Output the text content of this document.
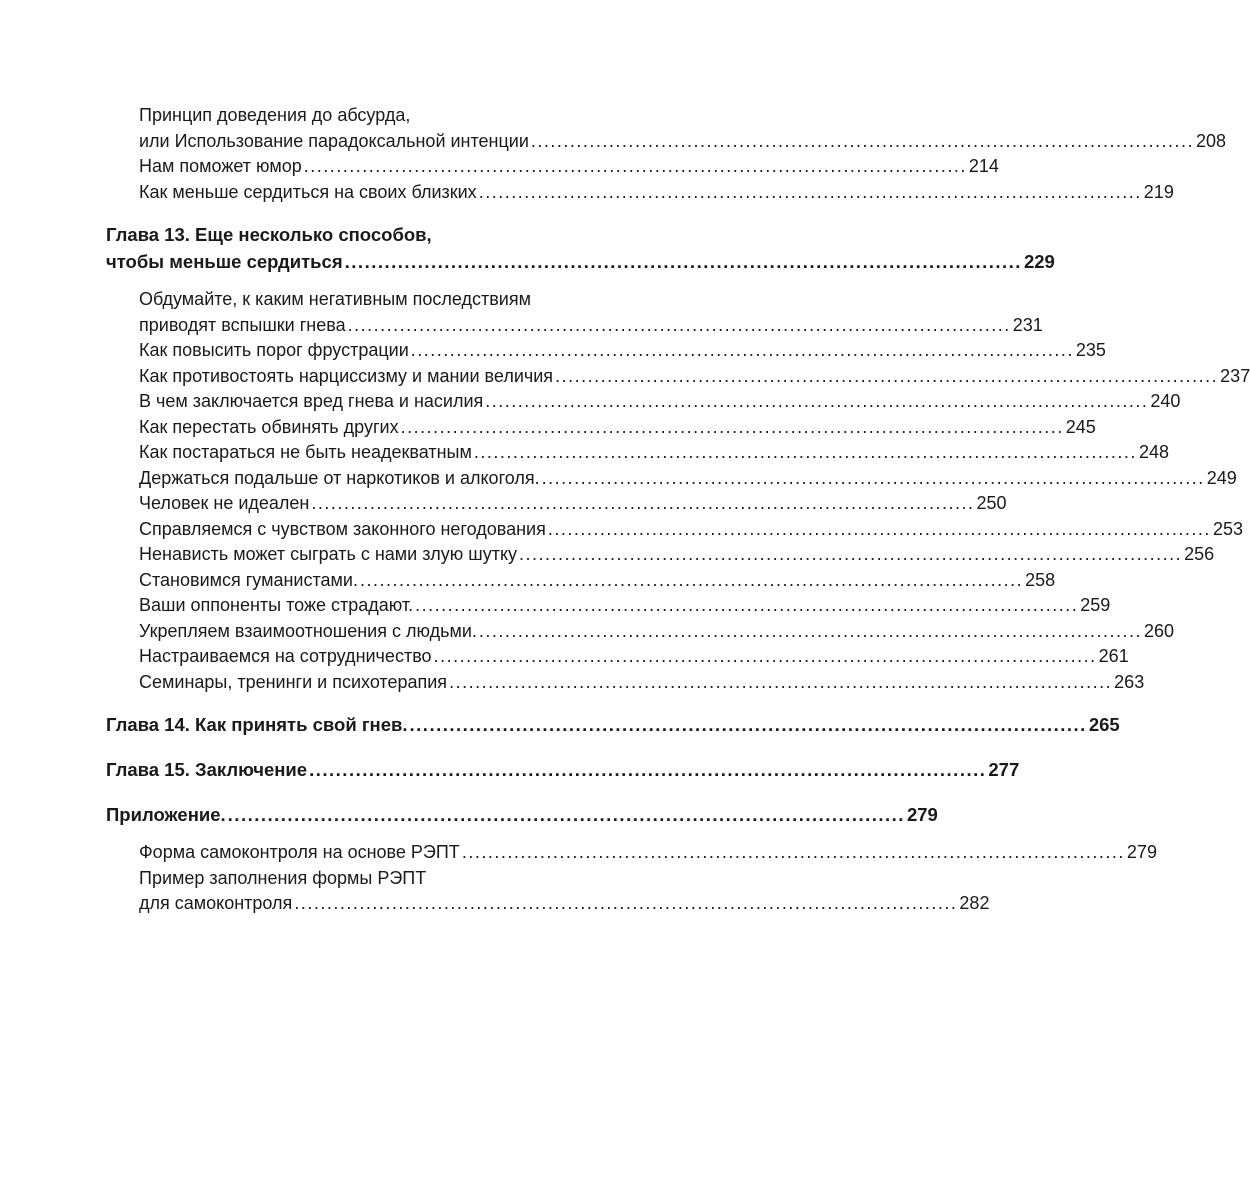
Принцип доведения до абсурда,
или Использование парадоксальной интенции ...................................................................................................... 208
Нам поможет юмор ...................................................................................................... 214
Как меньше сердиться на своих близких ...................................................................................................... 219
Глава 13. Еще несколько способов,
чтобы меньше сердиться ...................................................................................................... 229
Обдумайте, к каким негативным последствиям
приводят вспышки гнева ...................................................................................................... 231
Как повысить порог фрустрации ...................................................................................................... 235
Как противостоять нарциссизму и мании величия ...................................................................................................... 237
В чем заключается вред гнева и насилия ...................................................................................................... 240
Как перестать обвинять других ...................................................................................................... 245
Как постараться не быть неадекватным ...................................................................................................... 248
Держаться подальше от наркотиков и алкоголя. ...................................................................................................... 249
Человек не идеален ...................................................................................................... 250
Справляемся с чувством законного негодования ...................................................................................................... 253
Ненависть может сыграть с нами злую шутку ...................................................................................................... 256
Становимся гуманистами. ...................................................................................................... 258
Ваши оппоненты тоже страдают. ...................................................................................................... 259
Укрепляем взаимоотношения с людьми. ...................................................................................................... 260
Настраиваемся на сотрудничество ...................................................................................................... 261
Семинары, тренинги и психотерапия ...................................................................................................... 263
Глава 14. Как принять свой гнев. ...................................................................................................... 265
Глава 15. Заключение ...................................................................................................... 277
Приложение. ...................................................................................................... 279
Форма самоконтроля на основе РЭПТ ...................................................................................................... 279
Пример заполнения формы РЭПТ
для самоконтроля ...................................................................................................... 282
